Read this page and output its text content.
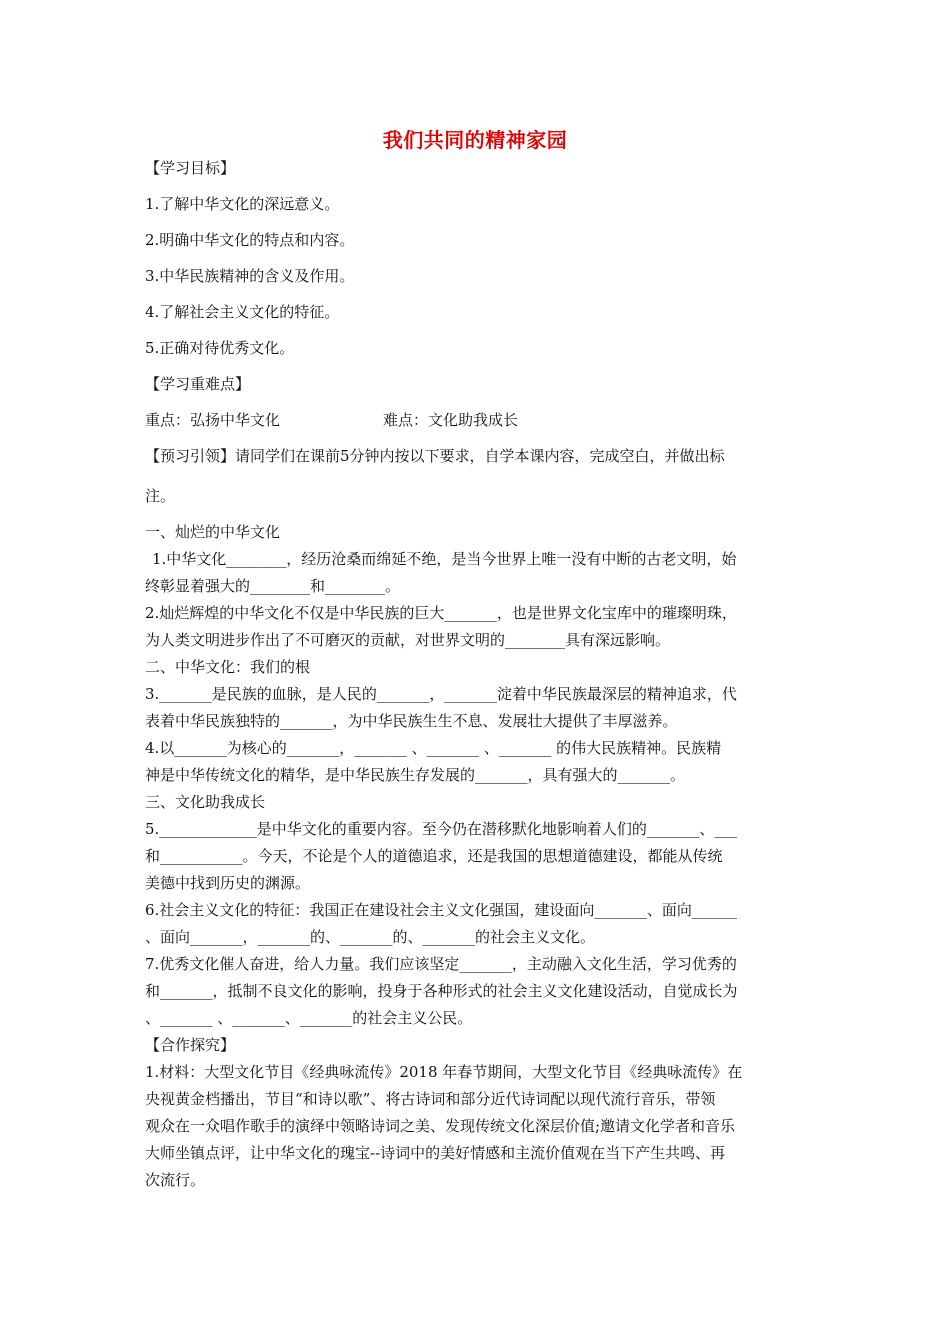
我们共同的精神家园

【学习目标】

1.了解中华文化的深远意义。

2.明确中华文化的特点和内容。

3.中华民族精神的含义及作用。

4.了解社会主义文化的特征。

5.正确对待优秀文化。

【学习重难点】

重点：弘扬中华文化	难点：文化助我成长

【预习引领】请同学们在课前5分钟内按以下要求，自学本课内容，完成空白，并做出标

注。

一、灿烂的中华文化

1.中华文化________，经历沧桑而绵延不绝，是当今世界上唯一没有中断的古老文明，始

终彰显着强大的________和________。

2.灿烂辉煌的中华文化不仅是中华民族的巨大_______，也是世界文化宝库中的璀璨明珠，

为人类文明进步作出了不可磨灭的贡献，对世界文明的________具有深远影响。

二、中华文化：我们的根

3._______是民族的血脉，是人民的_______，_______淀着中华民族最深层的精神追求，代

表着中华民族独特的_______，为中华民族生生不息、发展壮大提供了丰厚滋养。

4.以_______为核心的_______，_______ 、_______ 、_______ 的伟大民族精神。民族精

神是中华传统文化的精华，是中华民族生存发展的_______，具有强大的_______。

三、文化助我成长

5._____________是中华文化的重要内容。至今仍在潜移默化地影响着人们的_______、___

和___________。今天，不论是个人的道德追求，还是我国的思想道德建设，都能从传统

美德中找到历史的渊源。

6.社会主义文化的特征：我国正在建设社会主义文化强国，建设面向_______、面向______

、面向_______，_______的、_______的、_______的社会主义文化。

7.优秀文化催人奋进，给人力量。我们应该坚定_______，主动融入文化生活，学习优秀的

和_______，抵制不良文化的影响，投身于各种形式的社会主义文化建设活动，自觉成长为

、_______ 、_______、_______的社会主义公民。

【合作探究】

1.材料：大型文化节目《经典咏流传》2018 年春节期间，大型文化节目《经典咏流传》在

央视黄金档播出，节目“和诗以歌”、将古诗词和部分近代诗词配以现代流行音乐，带领

观众在一众唱作歌手的演绎中领略诗词之美、发现传统文化深层价值;邀请文化学者和音乐

大师坐镇点评，让中华文化的瑰宝--诗词中的美好情感和主流价值观在当下产生共鸣、再

次流行。
